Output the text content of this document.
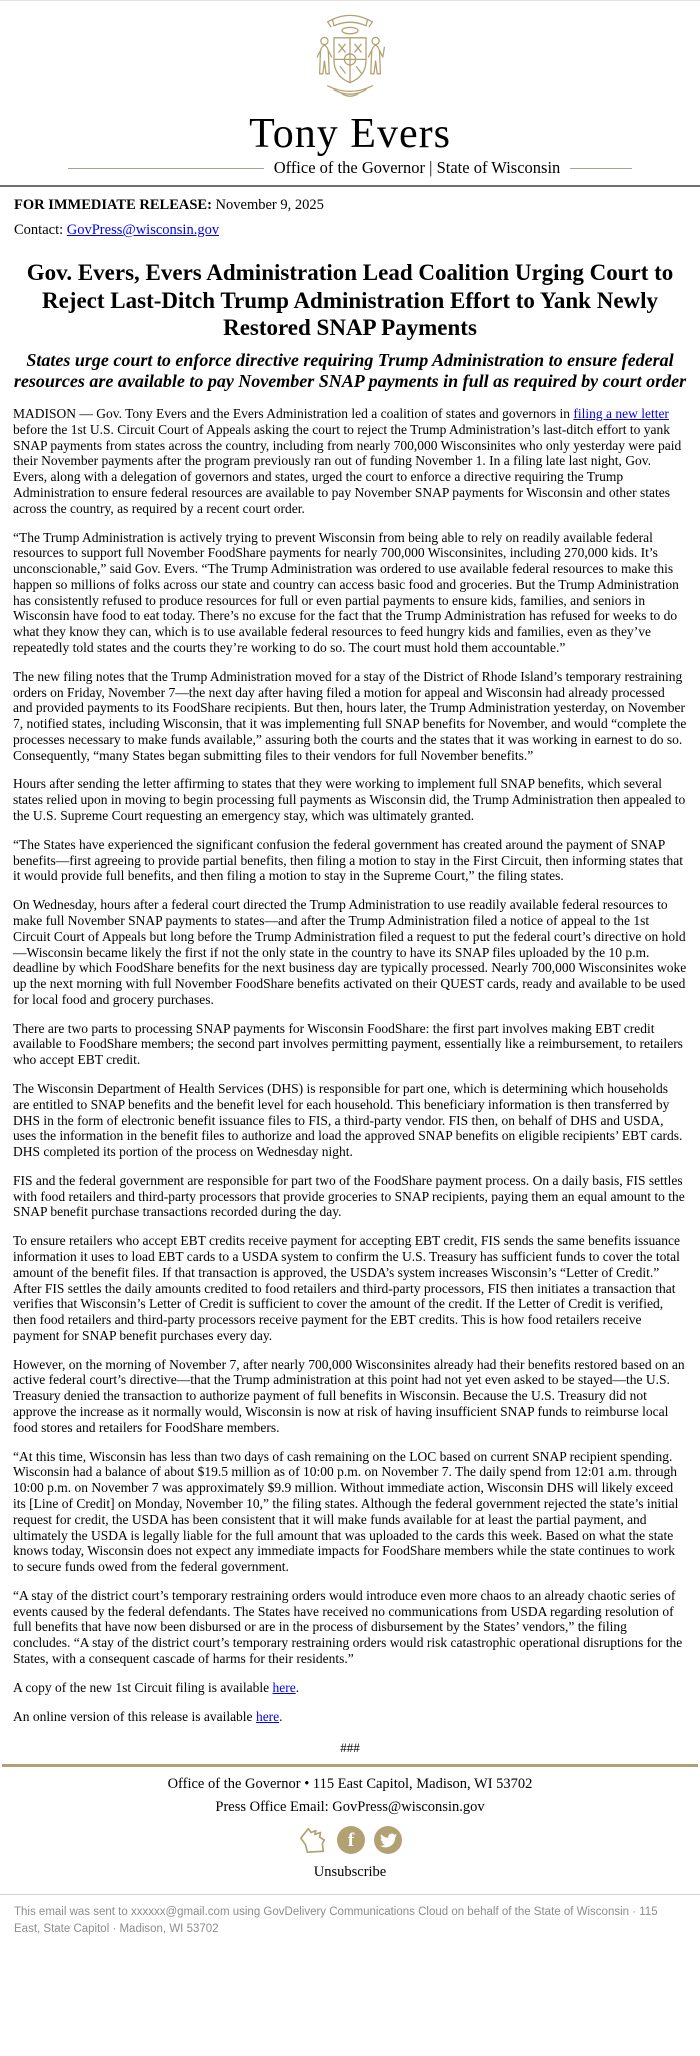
Tony Evers
Office of the Governor | State of Wisconsin

FOR IMMEDIATE RELEASE: November 9, 2025

Contact: GovPress@wisconsin.gov

Gov. Evers, Evers Administration Lead Coalition Urging Court to Reject Last-Ditch Trump Administration Effort to Yank Newly Restored SNAP Payments
States urge court to enforce directive requiring Trump Administration to ensure federal resources are available to pay November SNAP payments in full as required by court order

MADISON — Gov. Tony Evers and the Evers Administration led a coalition of states and governors in filing a new letter before the 1st U.S. Circuit Court of Appeals asking the court to reject the Trump Administration’s last-ditch effort to yank SNAP payments from states across the country, including from nearly 700,000 Wisconsinites who only yesterday were paid their November payments after the program previously ran out of funding November 1. In a filing late last night, Gov. Evers, along with a delegation of governors and states, urged the court to enforce a directive requiring the Trump Administration to ensure federal resources are available to pay November SNAP payments for Wisconsin and other states across the country, as required by a recent court order.

“The Trump Administration is actively trying to prevent Wisconsin from being able to rely on readily available federal resources to support full November FoodShare payments for nearly 700,000 Wisconsinites, including 270,000 kids. It’s unconscionable,” said Gov. Evers. “The Trump Administration was ordered to use available federal resources to make this happen so millions of folks across our state and country can access basic food and groceries. But the Trump Administration has consistently refused to produce resources for full or even partial payments to ensure kids, families, and seniors in Wisconsin have food to eat today. There’s no excuse for the fact that the Trump Administration has refused for weeks to do what they know they can, which is to use available federal resources to feed hungry kids and families, even as they’ve repeatedly told states and the courts they’re working to do so. The court must hold them accountable.”

The new filing notes that the Trump Administration moved for a stay of the District of Rhode Island’s temporary restraining orders on Friday, November 7—the next day after having filed a motion for appeal and Wisconsin had already processed and provided payments to its FoodShare recipients. But then, hours later, the Trump Administration yesterday, on November 7, notified states, including Wisconsin, that it was implementing full SNAP benefits for November, and would “complete the processes necessary to make funds available,” assuring both the courts and the states that it was working in earnest to do so. Consequently, “many States began submitting files to their vendors for full November benefits.”

Hours after sending the letter affirming to states that they were working to implement full SNAP benefits, which several states relied upon in moving to begin processing full payments as Wisconsin did, the Trump Administration then appealed to the U.S. Supreme Court requesting an emergency stay, which was ultimately granted.

“The States have experienced the significant confusion the federal government has created around the payment of SNAP benefits—first agreeing to provide partial benefits, then filing a motion to stay in the First Circuit, then informing states that it would provide full benefits, and then filing a motion to stay in the Supreme Court,” the filing states.

On Wednesday, hours after a federal court directed the Trump Administration to use readily available federal resources to make full November SNAP payments to states—and after the Trump Administration filed a notice of appeal to the 1st Circuit Court of Appeals but long before the Trump Administration filed a request to put the federal court’s directive on hold—Wisconsin became likely the first if not the only state in the country to have its SNAP files uploaded by the 10 p.m. deadline by which FoodShare benefits for the next business day are typically processed. Nearly 700,000 Wisconsinites woke up the next morning with full November FoodShare benefits activated on their QUEST cards, ready and available to be used for local food and grocery purchases.

There are two parts to processing SNAP payments for Wisconsin FoodShare: the first part involves making EBT credit available to FoodShare members; the second part involves permitting payment, essentially like a reimbursement, to retailers who accept EBT credit.

The Wisconsin Department of Health Services (DHS) is responsible for part one, which is determining which households are entitled to SNAP benefits and the benefit level for each household. This beneficiary information is then transferred by DHS in the form of electronic benefit issuance files to FIS, a third-party vendor. FIS then, on behalf of DHS and USDA, uses the information in the benefit files to authorize and load the approved SNAP benefits on eligible recipients’ EBT cards. DHS completed its portion of the process on Wednesday night.

FIS and the federal government are responsible for part two of the FoodShare payment process. On a daily basis, FIS settles with food retailers and third-party processors that provide groceries to SNAP recipients, paying them an equal amount to the SNAP benefit purchase transactions recorded during the day.

To ensure retailers who accept EBT credits receive payment for accepting EBT credit, FIS sends the same benefits issuance information it uses to load EBT cards to a USDA system to confirm the U.S. Treasury has sufficient funds to cover the total amount of the benefit files. If that transaction is approved, the USDA’s system increases Wisconsin’s “Letter of Credit.” After FIS settles the daily amounts credited to food retailers and third-party processors, FIS then initiates a transaction that verifies that Wisconsin’s Letter of Credit is sufficient to cover the amount of the credit. If the Letter of Credit is verified, then food retailers and third-party processors receive payment for the EBT credits. This is how food retailers receive payment for SNAP benefit purchases every day.

However, on the morning of November 7, after nearly 700,000 Wisconsinites already had their benefits restored based on an active federal court’s directive—that the Trump administration at this point had not yet even asked to be stayed—the U.S. Treasury denied the transaction to authorize payment of full benefits in Wisconsin. Because the U.S. Treasury did not approve the increase as it normally would, Wisconsin is now at risk of having insufficient SNAP funds to reimburse local food stores and retailers for FoodShare members.

“At this time, Wisconsin has less than two days of cash remaining on the LOC based on current SNAP recipient spending. Wisconsin had a balance of about $19.5 million as of 10:00 p.m. on November 7. The daily spend from 12:01 a.m. through 10:00 p.m. on November 7 was approximately $9.9 million. Without immediate action, Wisconsin DHS will likely exceed its [Line of Credit] on Monday, November 10,” the filing states. Although the federal government rejected the state’s initial request for credit, the USDA has been consistent that it will make funds available for at least the partial payment, and ultimately the USDA is legally liable for the full amount that was uploaded to the cards this week. Based on what the state knows today, Wisconsin does not expect any immediate impacts for FoodShare members while the state continues to work to secure funds owed from the federal government.

“A stay of the district court’s temporary restraining orders would introduce even more chaos to an already chaotic series of events caused by the federal defendants. The States have received no communications from USDA regarding resolution of full benefits that have now been disbursed or are in the process of disbursement by the States’ vendors,” the filing concludes. “A stay of the district court’s temporary restraining orders would risk catastrophic operational disruptions for the States, with a consequent cascade of harms for their residents.”

A copy of the new 1st Circuit filing is available here.

An online version of this release is available here.

###
Office of the Governor • 115 East Capitol, Madison, WI 53702
Press Office Email: GovPress@wisconsin.gov
f
Unsubscribe

This email was sent to xxxxxx@gmail.com using GovDelivery Communications Cloud on behalf of the State of Wisconsin · 115 East, State Capitol · Madison, WI 53702
